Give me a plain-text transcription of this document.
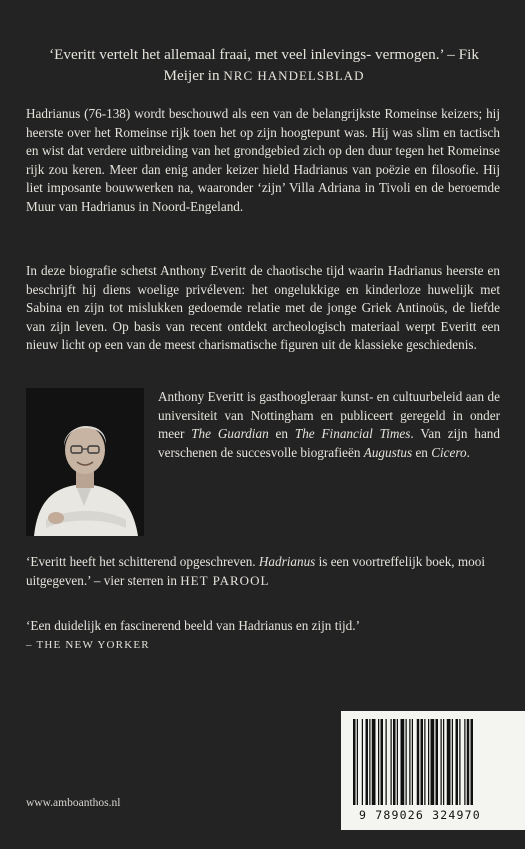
‘Everitt vertelt het allemaal fraai, met veel inlevings- vermogen.’ – Fik Meijer in NRC HANDELSBLAD
Hadrianus (76-138) wordt beschouwd als een van de belangrijkste Romeinse keizers; hij heerste over het Romeinse rijk toen het op zijn hoogtepunt was. Hij was slim en tactisch en wist dat verdere uitbreiding van het grondgebied zich op den duur tegen het Romeinse rijk zou keren. Meer dan enig ander keizer hield Hadrianus van poëzie en filosofie. Hij liet imposante bouwwerken na, waaronder ‘zijn’ Villa Adriana in Tivoli en de beroemde Muur van Hadrianus in Noord-Engeland.
In deze biografie schetst Anthony Everitt de chaotische tijd waarin Hadrianus heerste en beschrijft hij diens woelige privéleven: het ongelukkige en kinderloze huwelijk met Sabina en zijn tot mislukken gedoemde relatie met de jonge Griek Antinoüs, de liefde van zijn leven. Op basis van recent ontdekt archeologisch materiaal werpt Everitt een nieuw licht op een van de meest charismatische figuren uit de klassieke geschiedenis.
Anthony Everitt is gasthoogleraar kunst- en cultuurbeleid aan de universiteit van Nottingham en publiceert geregeld in onder meer The Guardian en The Financial Times. Van zijn hand verschenen de succesvolle biografieën Augustus en Cicero.
‘Everitt heeft het schitterend opgeschreven. Hadrianus is een voortreffelijk boek, mooi uitgegeven.’ – vier sterren in HET PAROOL
‘Een duidelijk en fascinerend beeld van Hadrianus en zijn tijd.’
– THE NEW YORKER
www.amboanthos.nl
9 789026 324970
